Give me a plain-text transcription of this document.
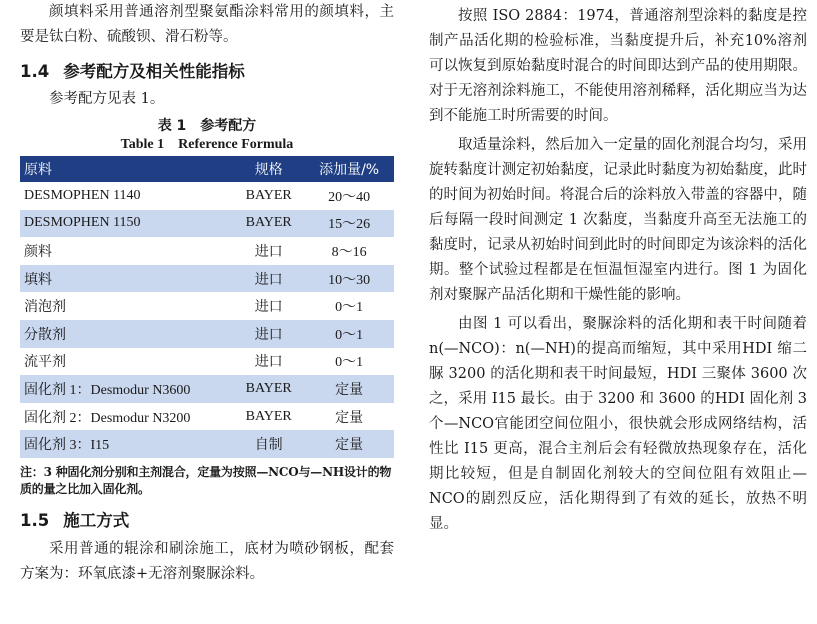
颜填料采用普通溶剂型聚氨酯涂料常用的颜填料，主要是钛白粉、硫酸钡、滑石粉等。

1.4 参考配方及相关性能指标

参考配方见表 1。

表 1　参考配方
Table 1　Reference Formula
原料	规格	添加量/%
DESMOPHEN 1140	BAYER	20～40
DESMOPHEN 1150	BAYER	15～26
颜料	进口	8～16
填料	进口	10～30
消泡剂	进口	0～1
分散剂	进口	0～1
流平剂	进口	0～1
固化剂 1：Desmodur N3600	BAYER	定量
固化剂 2：Desmodur N3200	BAYER	定量
固化剂 3：I15	自制	定量
注：3 种固化剂分别和主剂混合，定量为按照—NCO与—NH设计的物质的量之比加入固化剂。
1.5 施工方式

采用普通的辊涂和刷涂施工，底材为喷砂钢板，配套方案为：环氧底漆+无溶剂聚脲涂料。

按照 ISO 2884：1974，普通溶剂型涂料的黏度是控制产品活化期的检验标准，当黏度提升后，补充10%溶剂可以恢复到原始黏度时混合的时间即达到产品的使用期限。对于无溶剂涂料施工，不能使用溶剂稀释，活化期应当为达到不能施工时所需要的时间。

取适量涂料，然后加入一定量的固化剂混合均匀，采用旋转黏度计测定初始黏度，记录此时黏度为初始黏度，此时的时间为初始时间。将混合后的涂料放入带盖的容器中，随后每隔一段时间测定 1 次黏度，当黏度升高至无法施工的黏度时，记录从初始时间到此时的时间即定为该涂料的活化期。整个试验过程都是在恒温恒湿室内进行。图 1 为固化剂对聚脲产品活化期和干燥性能的影响。

由图 1 可以看出，聚脲涂料的活化期和表干时间随着n(—NCO)：n(—NH)的提高而缩短，其中采用HDI 缩二脲 3200 的活化期和表干时间最短，HDI 三聚体 3600 次之，采用 I15 最长。由于 3200 和 3600 的HDI 固化剂 3 个—NCO官能团空间位阻小，很快就会形成网络结构，活性比 I15 更高，混合主剂后会有轻微放热现象存在，活化期比较短，但是自制固化剂较大的空间位阻有效阻止—NCO的剧烈反应，活化期得到了有效的延长，放热不明显。
